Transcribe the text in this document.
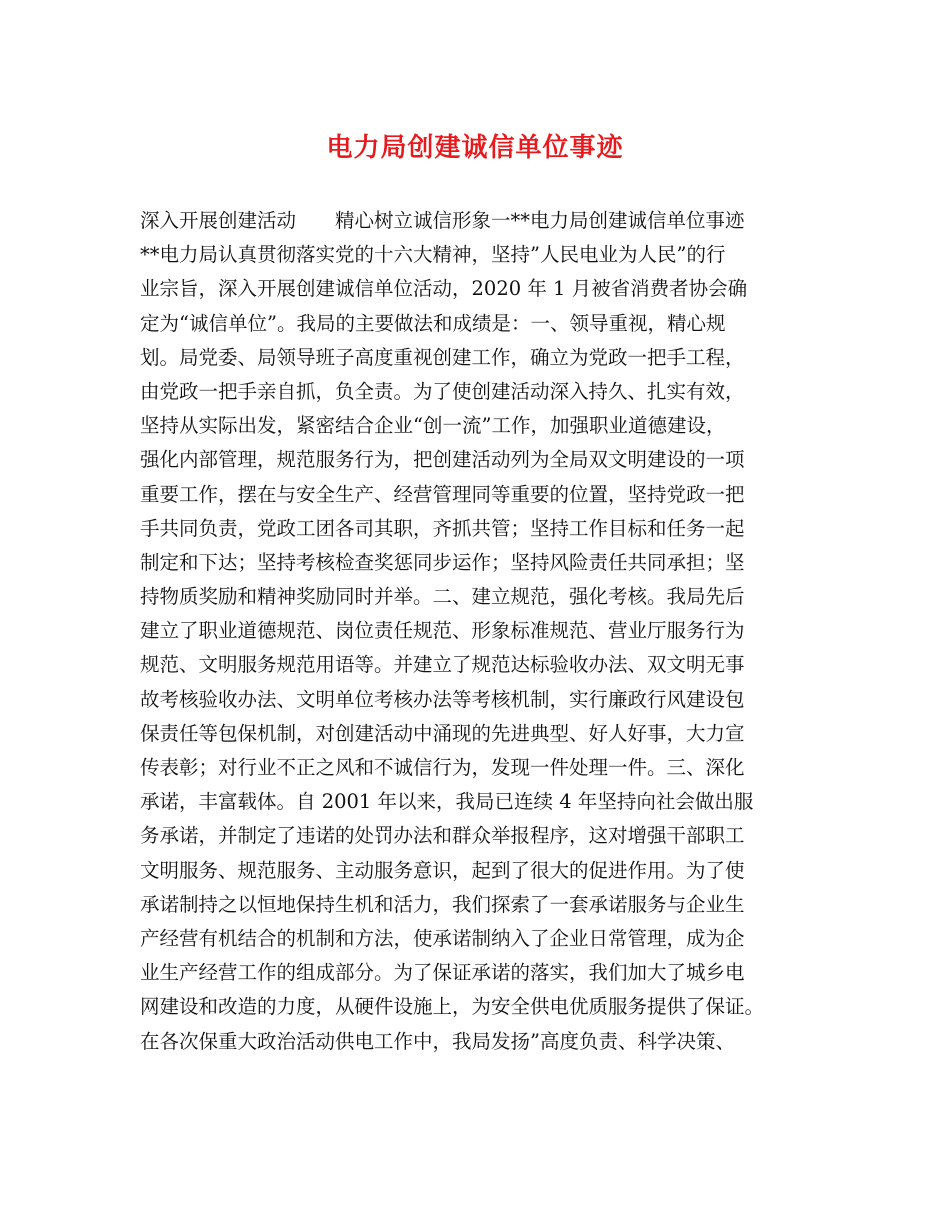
电力局创建诚信单位事迹
深入开展创建活动　　精心树立诚信形象一**电力局创建诚信单位事迹
**电力局认真贯彻落实党的十六大精神，坚持”人民电业为人民”的行
业宗旨，深入开展创建诚信单位活动，2020 年 1 月被省消费者协会确
定为“诚信单位”。我局的主要做法和成绩是：一、领导重视，精心规
划。局党委、局领导班子高度重视创建工作，确立为党政一把手工程，
由党政一把手亲自抓，负全责。为了使创建活动深入持久、扎实有效，
坚持从实际出发，紧密结合企业“创一流”工作，加强职业道德建设，
强化内部管理，规范服务行为，把创建活动列为全局双文明建设的一项
重要工作，摆在与安全生产、经营管理同等重要的位置，坚持党政一把
手共同负责，党政工团各司其职，齐抓共管；坚持工作目标和任务一起
制定和下达；坚持考核检查奖惩同步运作；坚持风险责任共同承担；坚
持物质奖励和精神奖励同时并举。二、建立规范，强化考核。我局先后
建立了职业道德规范、岗位责任规范、形象标准规范、营业厅服务行为
规范、文明服务规范用语等。并建立了规范达标验收办法、双文明无事
故考核验收办法、文明单位考核办法等考核机制，实行廉政行风建设包
保责任等包保机制，对创建活动中涌现的先进典型、好人好事，大力宣
传表彰；对行业不正之风和不诚信行为，发现一件处理一件。三、深化
承诺，丰富载体。自 2001 年以来，我局已连续 4 年坚持向社会做出服
务承诺，并制定了违诺的处罚办法和群众举报程序，这对增强干部职工
文明服务、规范服务、主动服务意识，起到了很大的促进作用。为了使
承诺制持之以恒地保持生机和活力，我们探索了一套承诺服务与企业生
产经营有机结合的机制和方法，使承诺制纳入了企业日常管理，成为企
业生产经营工作的组成部分。为了保证承诺的落实，我们加大了城乡电
网建设和改造的力度，从硬件设施上，为安全供电优质服务提供了保证。
在各次保重大政治活动供电工作中，我局发扬”高度负责、科学决策、
